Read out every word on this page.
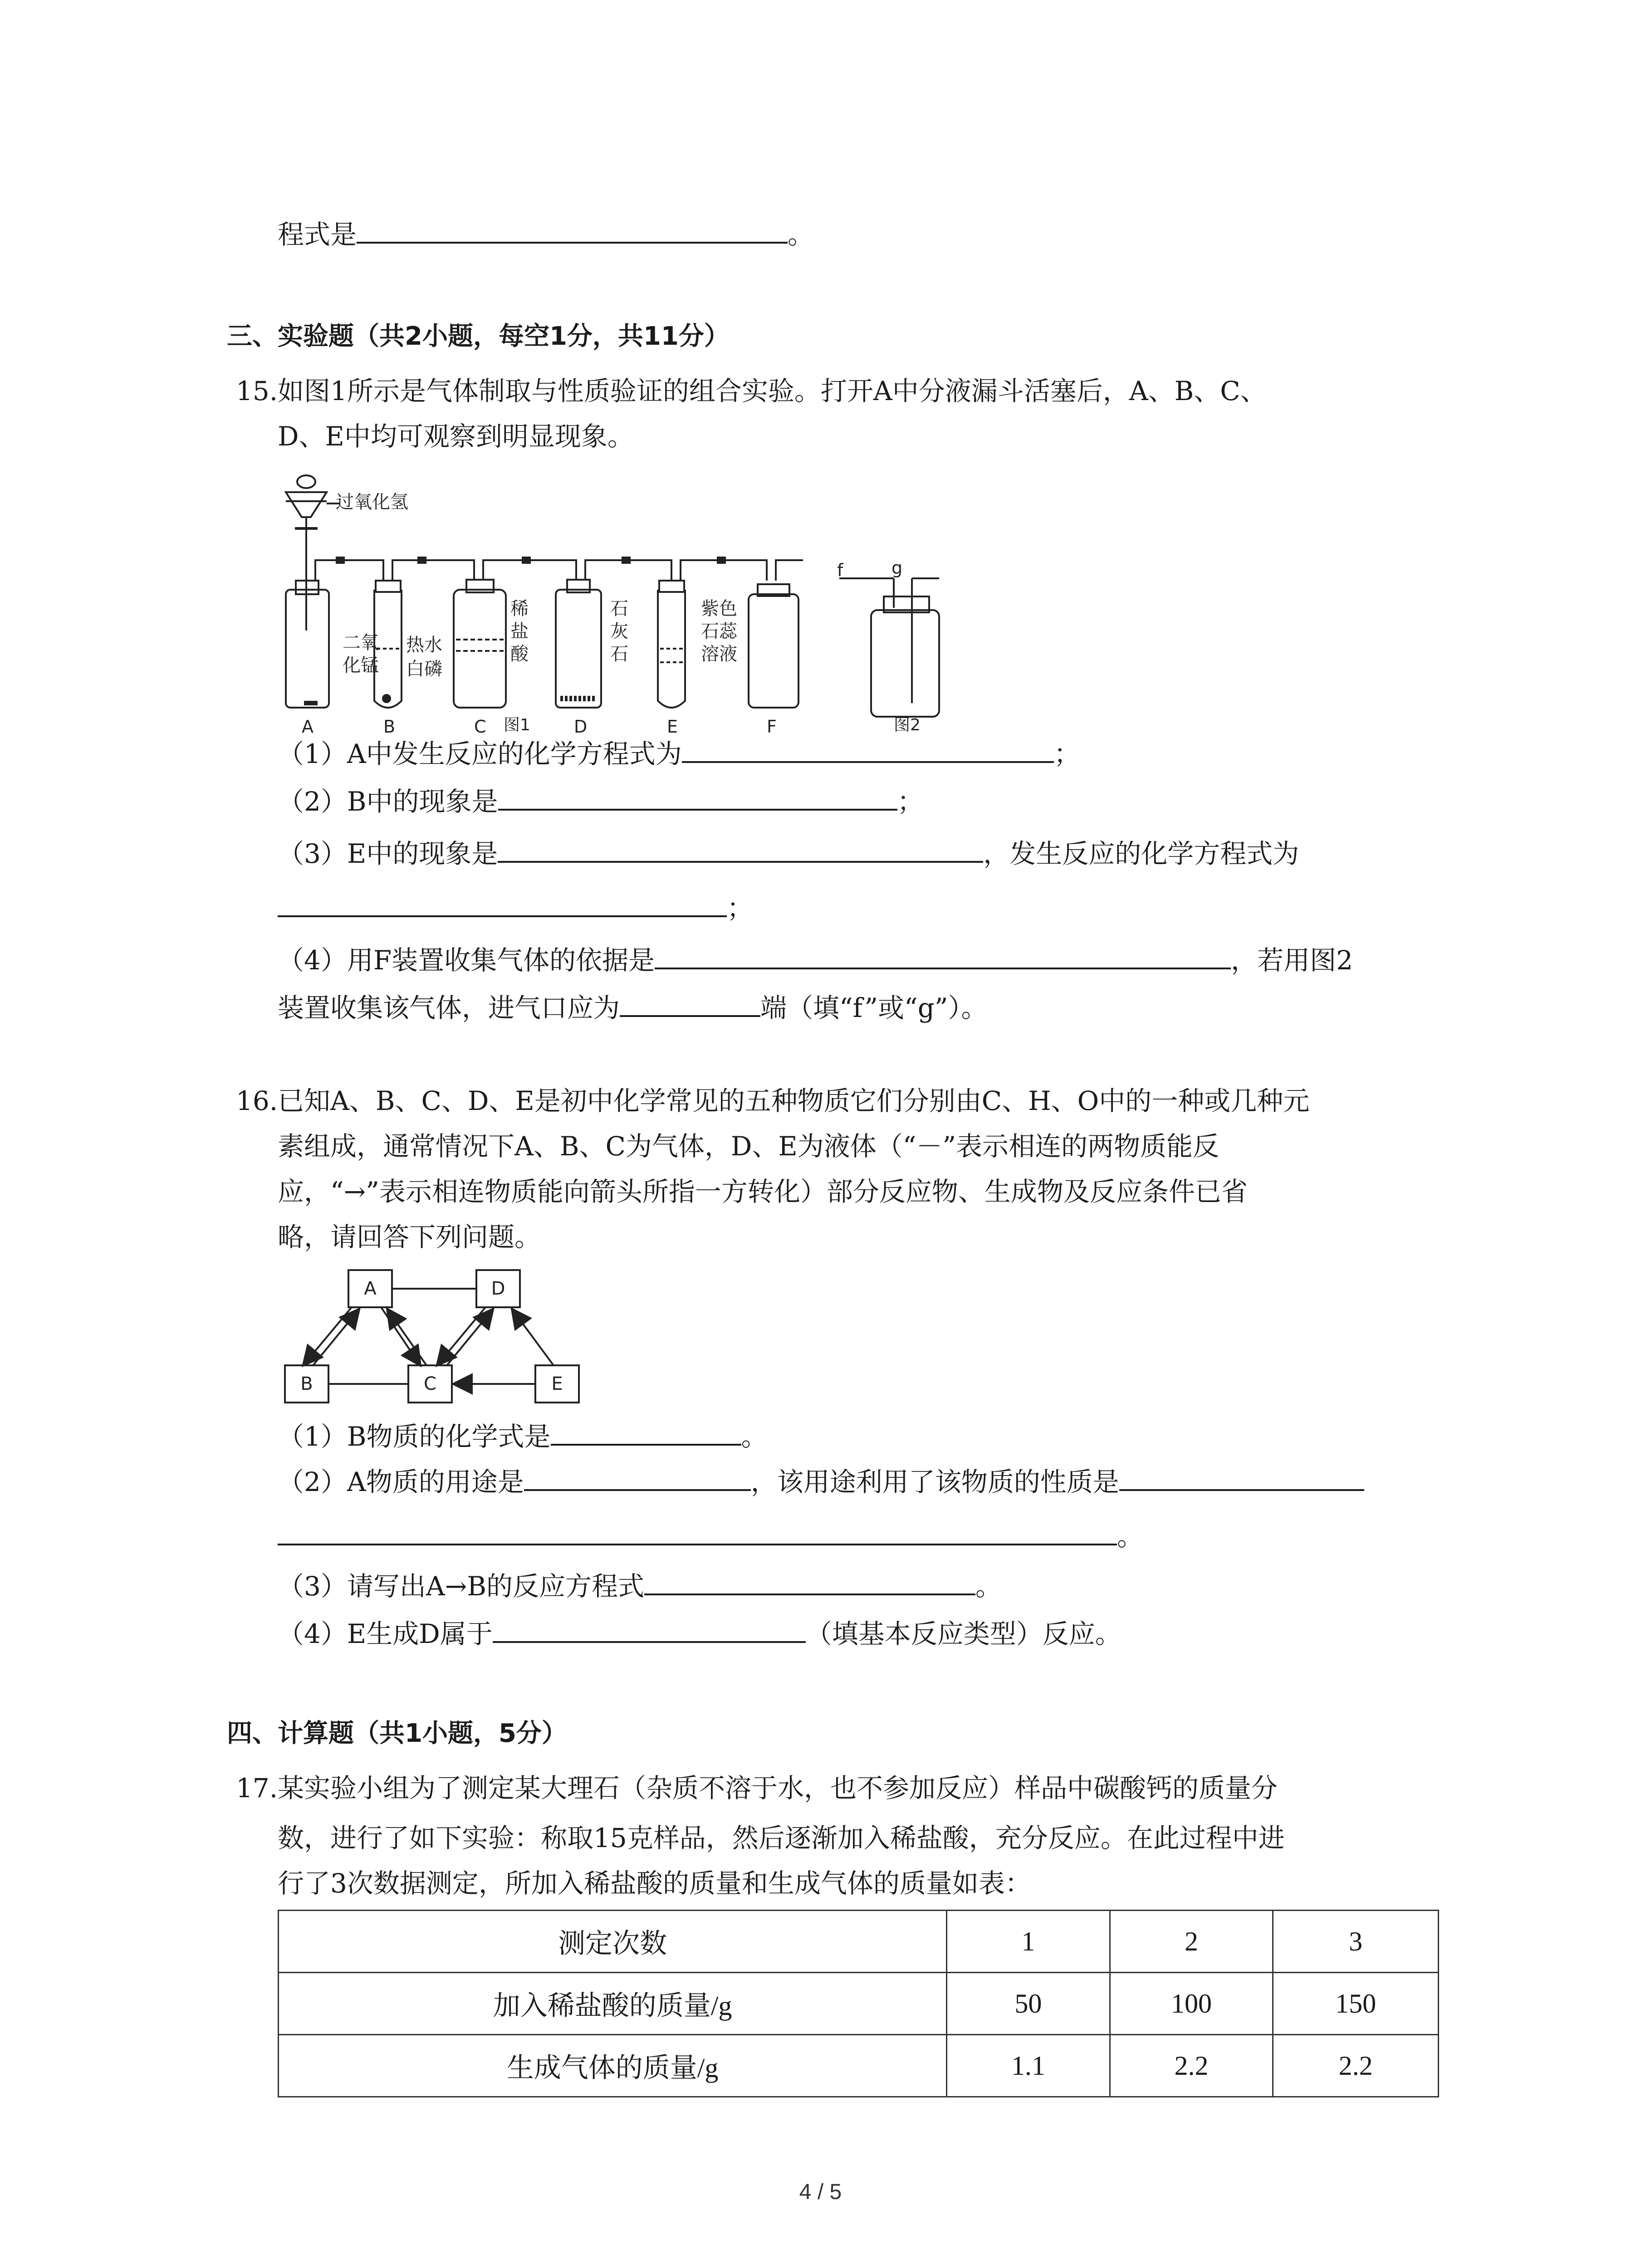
程式是	。
三、实验题（共2小题，每空1分，共11分）
15. 如图1所示是气体制取与性质验证的组合实验。打开A中分液漏斗活塞后，A、B、C、
D、E中均可观察到明显现象。
过氧化氢
二氧
化锰
热水
白磷
稀
盐
酸
石
灰
石
紫色
石蕊
溶液
f	g
A	B	C	D	E	F
图1	图2
（1）A中发生反应的化学方程式为	；
（2）B中的现象是	；
（3）E中的现象是	，发生反应的化学方程式为
；
（4）用F装置收集气体的依据是	，若用图2
装置收集该气体，进气口应为	端（填“f”或“g”）。
16. 已知A、B、C、D、E是初中化学常见的五种物质它们分别由C、H、O中的一种或几种元
素组成，通常情况下A、B、C为气体，D、E为液体（“－”表示相连的两物质能反
应，“→”表示相连物质能向箭头所指一方转化）部分反应物、生成物及反应条件已省
略，请回答下列问题。
A	D
B	C	E
（1）B物质的化学式是	。
（2）A物质的用途是	，该用途利用了该物质的性质是
。
（3）请写出A→B的反应方程式	。
（4）E生成D属于	（填基本反应类型）反应。
四、计算题（共1小题，5分）
17. 某实验小组为了测定某大理石（杂质不溶于水，也不参加反应）样品中碳酸钙的质量分
数，进行了如下实验：称取15克样品，然后逐渐加入稀盐酸，充分反应。在此过程中进
行了3次数据测定，所加入稀盐酸的质量和生成气体的质量如表：
测定次数	1	2	3
加入稀盐酸的质量/g	50	100	150
生成气体的质量/g	1.1	2.2	2.2
4 / 5
